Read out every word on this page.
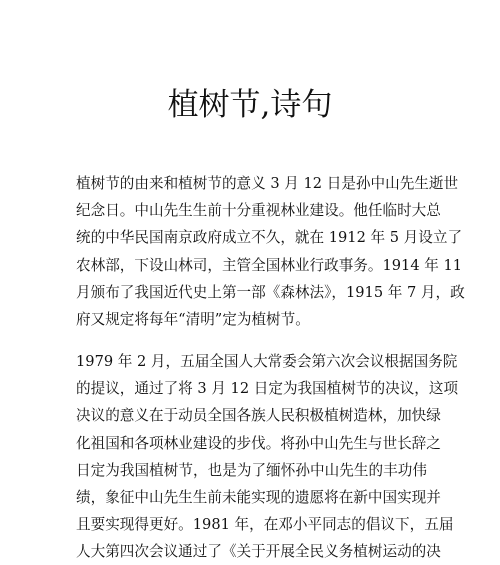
植树节,诗句
植树节的由来和植树节的意义 3 月 12 日是孙中山先生逝世
纪念日。中山先生生前十分重视林业建设。他任临时大总
统的中华民国南京政府成立不久，就在 1912 年 5 月设立了
农林部，下设山林司，主管全国林业行政事务。1914 年 11
月颁布了我国近代史上第一部《森林法》，1915 年 7 月，政
府又规定将每年“清明”定为植树节。
1979 年 2 月，五届全国人大常委会第六次会议根据国务院
的提议，通过了将 3 月 12 日定为我国植树节的决议，这项
决议的意义在于动员全国各族人民积极植树造林，加快绿
化祖国和各项林业建设的步伐。将孙中山先生与世长辞之
日定为我国植树节，也是为了缅怀孙中山先生的丰功伟
绩，象征中山先生生前未能实现的遗愿将在新中国实现并
且要实现得更好。1981 年，在邓小平同志的倡议下，五届
人大第四次会议通过了《关于开展全民义务植树运动的决
